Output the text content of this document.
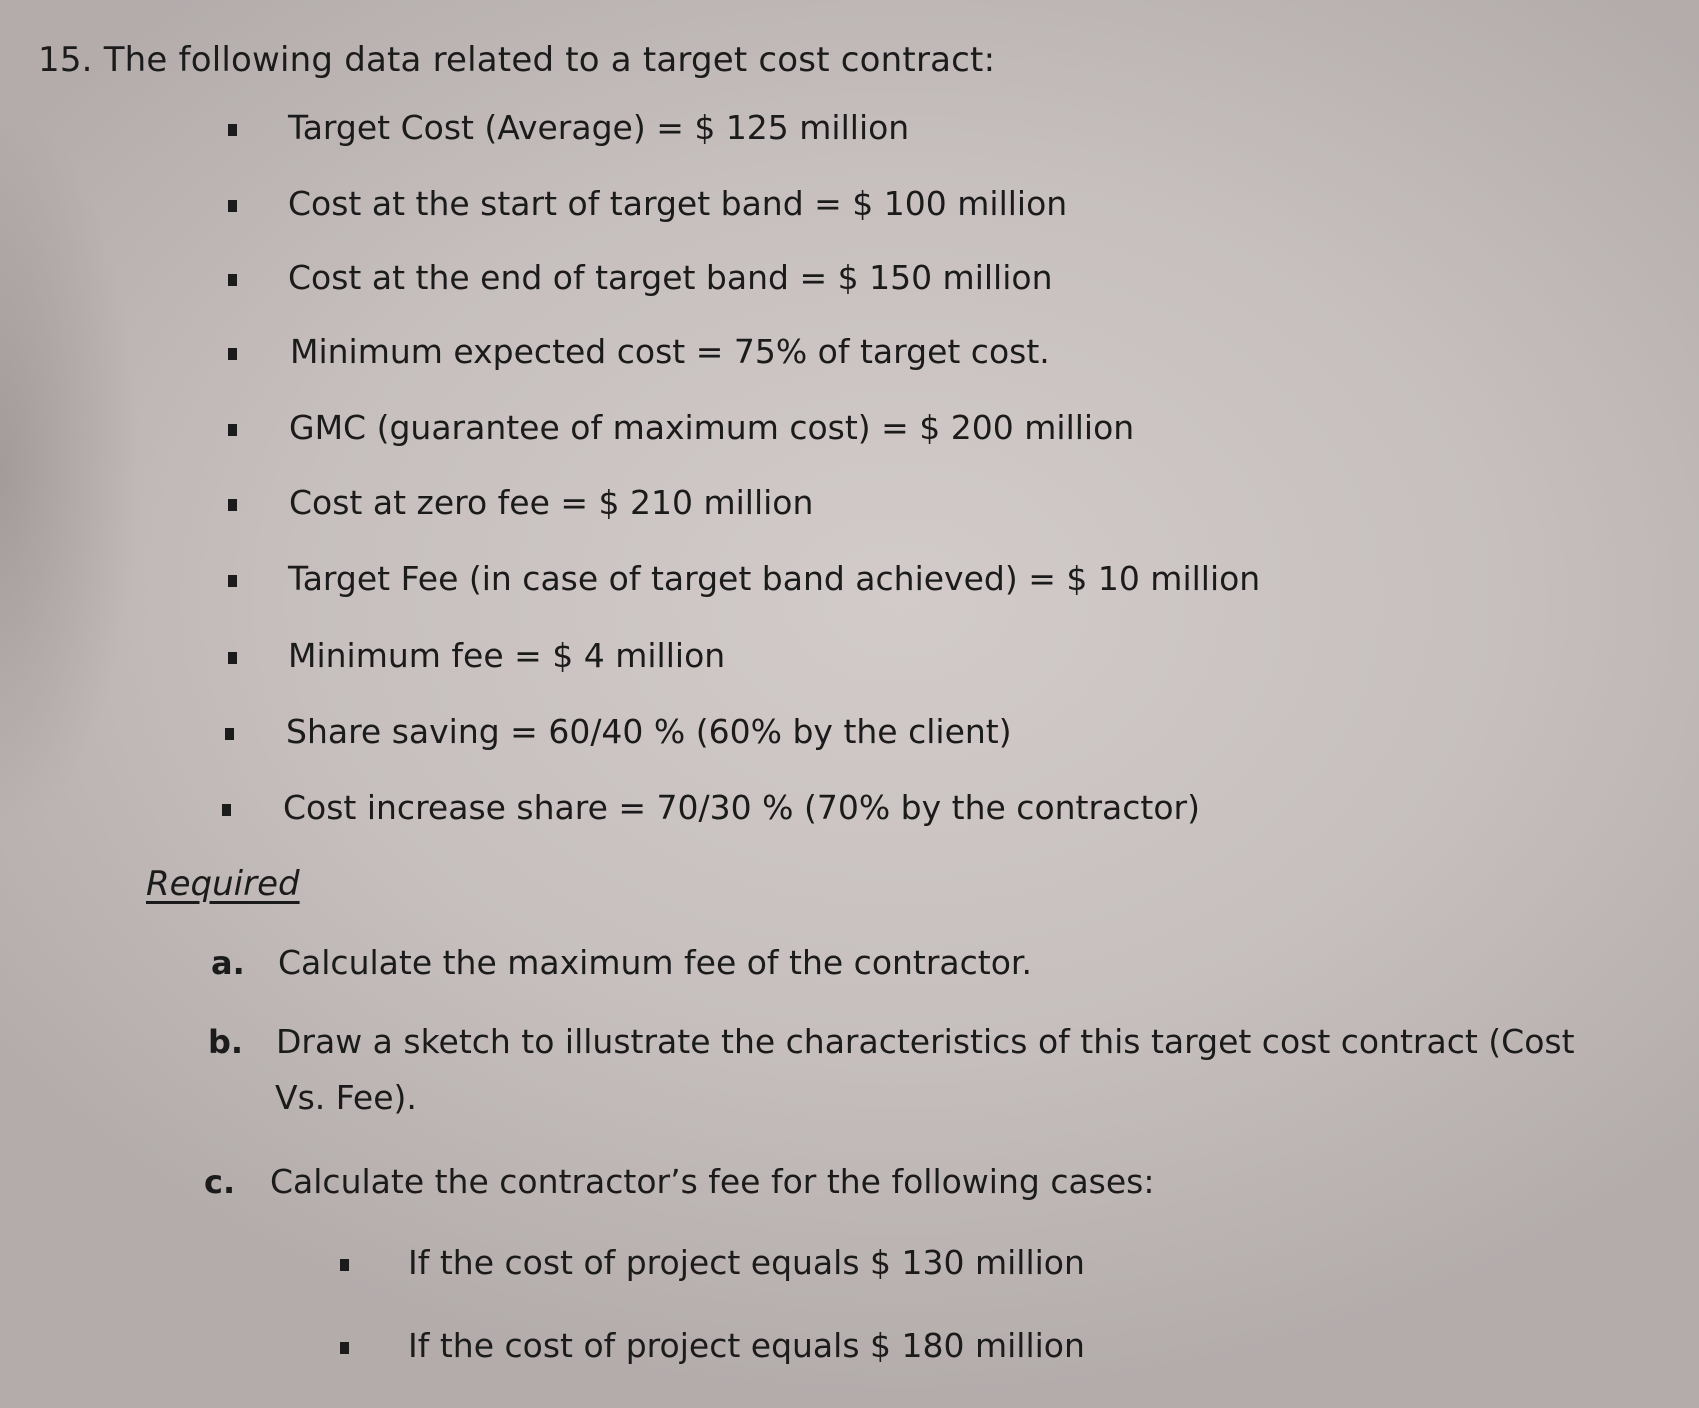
15. The following data related to a target cost contract:
Target Cost (Average) = $ 125 million
Cost at the start of target band = $ 100 million
Cost at the end of target band = $ 150 million
Minimum expected cost = 75% of target cost.
GMC (guarantee of maximum cost) = $ 200 million
Cost at zero fee = $ 210 million
Target Fee (in case of target band achieved) = $ 10 million
Minimum fee = $ 4 million
Share saving = 60/40 % (60% by the client)
Cost increase share = 70/30 % (70% by the contractor)
Required
a. Calculate the maximum fee of the contractor.
b. Draw a sketch to illustrate the characteristics of this target cost contract (Cost
Vs. Fee).
c. Calculate the contractor’s fee for the following cases:
If the cost of project equals $ 130 million
If the cost of project equals $ 180 million
